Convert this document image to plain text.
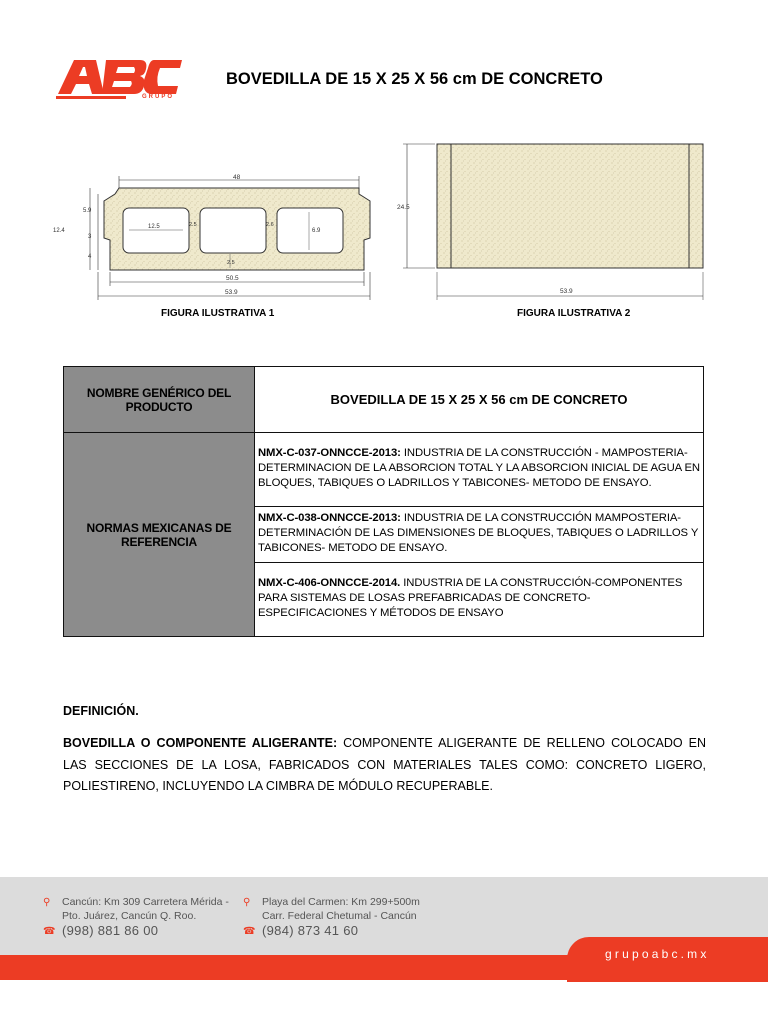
GRUPO
BOVEDILLA DE 15 X 25 X 56 cm DE CONCRETO
48
5.9
12.4
3
4
12.5	2.5	2.6
6.9
2.5
50.5
53.9
FIGURA ILUSTRATIVA 1
24.5
53.9
FIGURA ILUSTRATIVA 2
NOMBRE GENÉRICO DEL PRODUCTO	BOVEDILLA DE 15 X 25 X 56 cm DE CONCRETO
NORMAS MEXICANAS DE REFERENCIA	NMX-C-037-ONNCCE-2013: INDUSTRIA DE LA CONSTRUCCIÓN - MAMPOSTERIA-DETERMINACION DE LA ABSORCION TOTAL Y LA ABSORCION INICIAL DE AGUA EN BLOQUES, TABIQUES O LADRILLOS Y TABICONES- METODO DE ENSAYO.
	NMX-C-038-ONNCCE-2013: INDUSTRIA DE LA CONSTRUCCIÓN MAMPOSTERIA- DETERMINACIÓN DE LAS DIMENSIONES DE BLOQUES, TABIQUES O LADRILLOS Y TABICONES- METODO DE ENSAYO.
	NMX-C-406-ONNCCE-2014. INDUSTRIA DE LA CONSTRUCCIÓN-COMPONENTES PARA SISTEMAS DE LOSAS PREFABRICADAS DE CONCRETO- ESPECIFICACIONES Y MÉTODOS DE ENSAYO
DEFINICIÓN.
BOVEDILLA O COMPONENTE ALIGERANTE: COMPONENTE ALIGERANTE DE RELLENO COLOCADO EN LAS SECCIONES DE LA LOSA, FABRICADOS CON MATERIALES TALES COMO: CONCRETO LIGERO, POLIESTIRENO, INCLUYENDO LA CIMBRA DE MÓDULO RECUPERABLE.
grupoabc.mx
⚲ Cancún: Km 309 Carretera Mérida -
Pto. Juárez, Cancún Q. Roo.
☎ (998) 881 86 00
⚲ Playa del Carmen: Km 299+500m
Carr. Federal Chetumal - Cancún
☎ (984) 873 41 60
